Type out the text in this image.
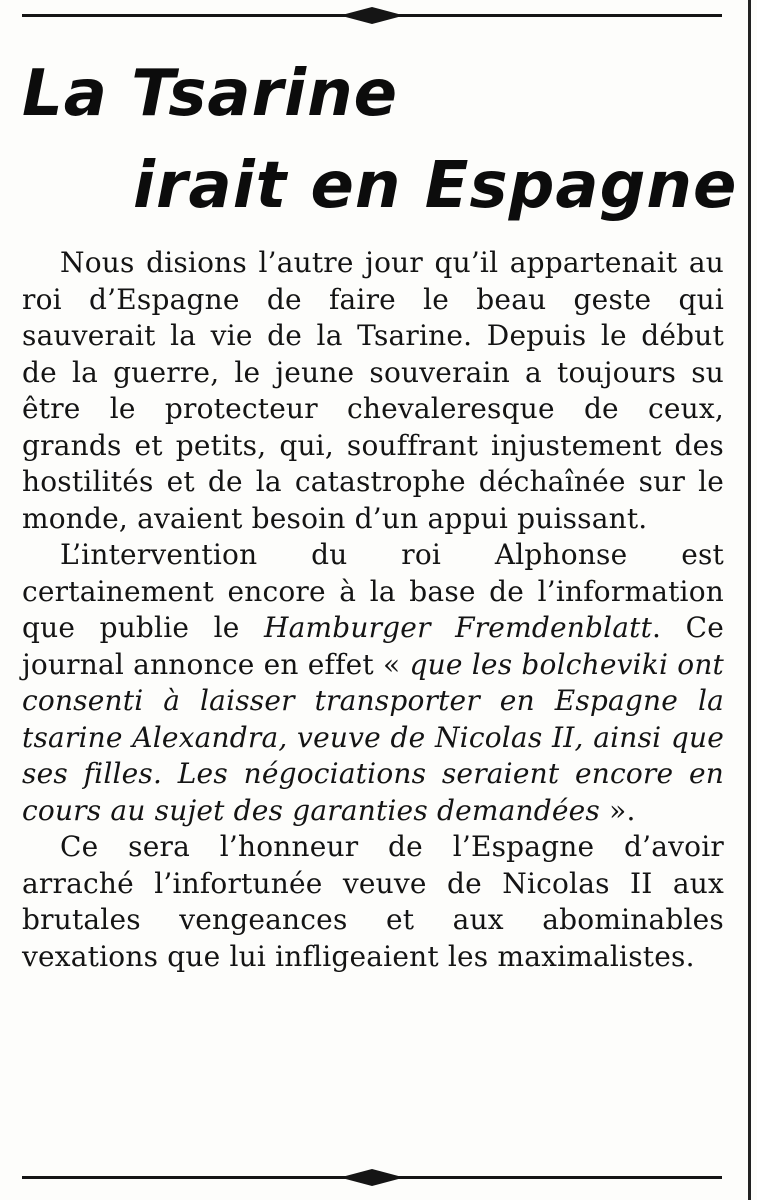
La Tsarine
irait en Espagne

Nous disions l’autre jour qu’il appartenait au roi d’Espagne de faire le beau geste qui sauverait la vie de la Tsarine. Depuis le début de la guerre, le jeune souverain a toujours su être le protecteur chevaleresque de ceux, grands et petits, qui, souffrant injustement des hostilités et de la catastrophe déchaînée sur le monde, avaient besoin d’un appui puissant.

L’intervention du roi Alphonse est certainement encore à la base de l’information que publie le Hamburger Fremdenblatt. Ce journal annonce en effet « que les bolcheviki ont consenti à laisser transporter en Espagne la tsarine Alexandra, veuve de Nicolas II, ainsi que ses filles. Les négociations seraient encore en cours au sujet des garanties demandées ».

Ce sera l’honneur de l’Espagne d’avoir arraché l’infortunée veuve de Nicolas II aux brutales vengeances et aux abominables vexations que lui infligeaient les maximalistes.
